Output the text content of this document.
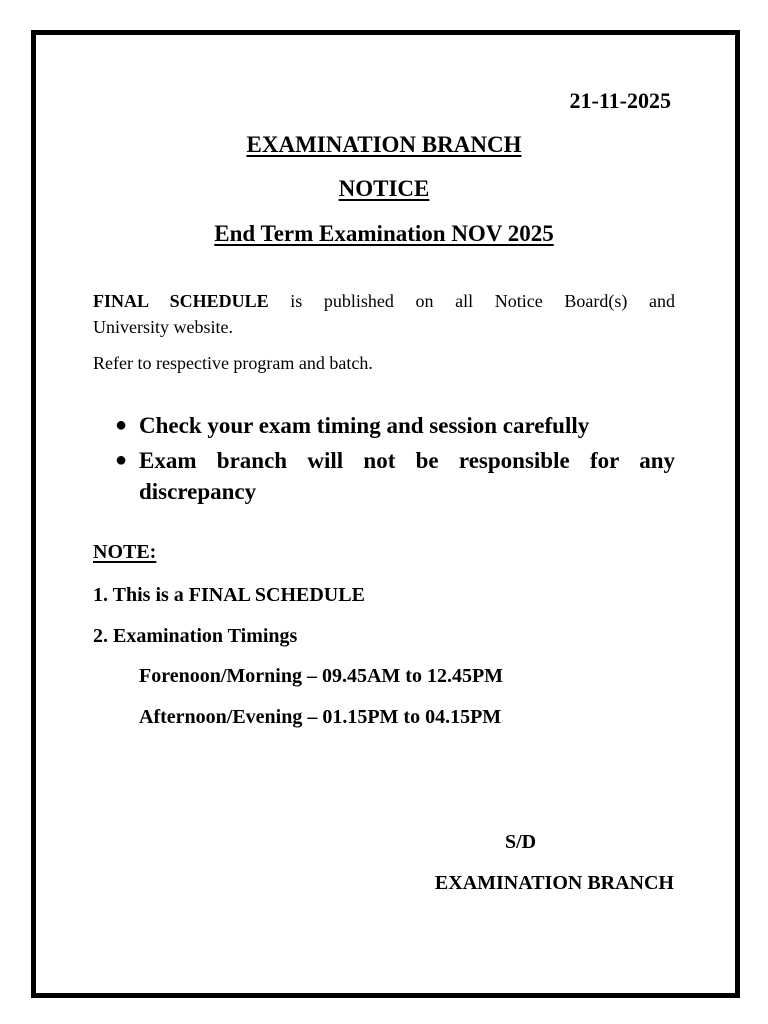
21-11-2025
EXAMINATION BRANCH
NOTICE
End Term Examination NOV 2025
FINAL SCHEDULE is published on all Notice Board(s) and
University website.
Refer to respective program and batch.
● Check your exam timing and session carefully
● Exam branch will not be responsible for any
discrepancy
NOTE:
1. This is a FINAL SCHEDULE
2. Examination Timings
Forenoon/Morning – 09.45AM to 12.45PM
Afternoon/Evening – 01.15PM to 04.15PM
S/D
EXAMINATION BRANCH
